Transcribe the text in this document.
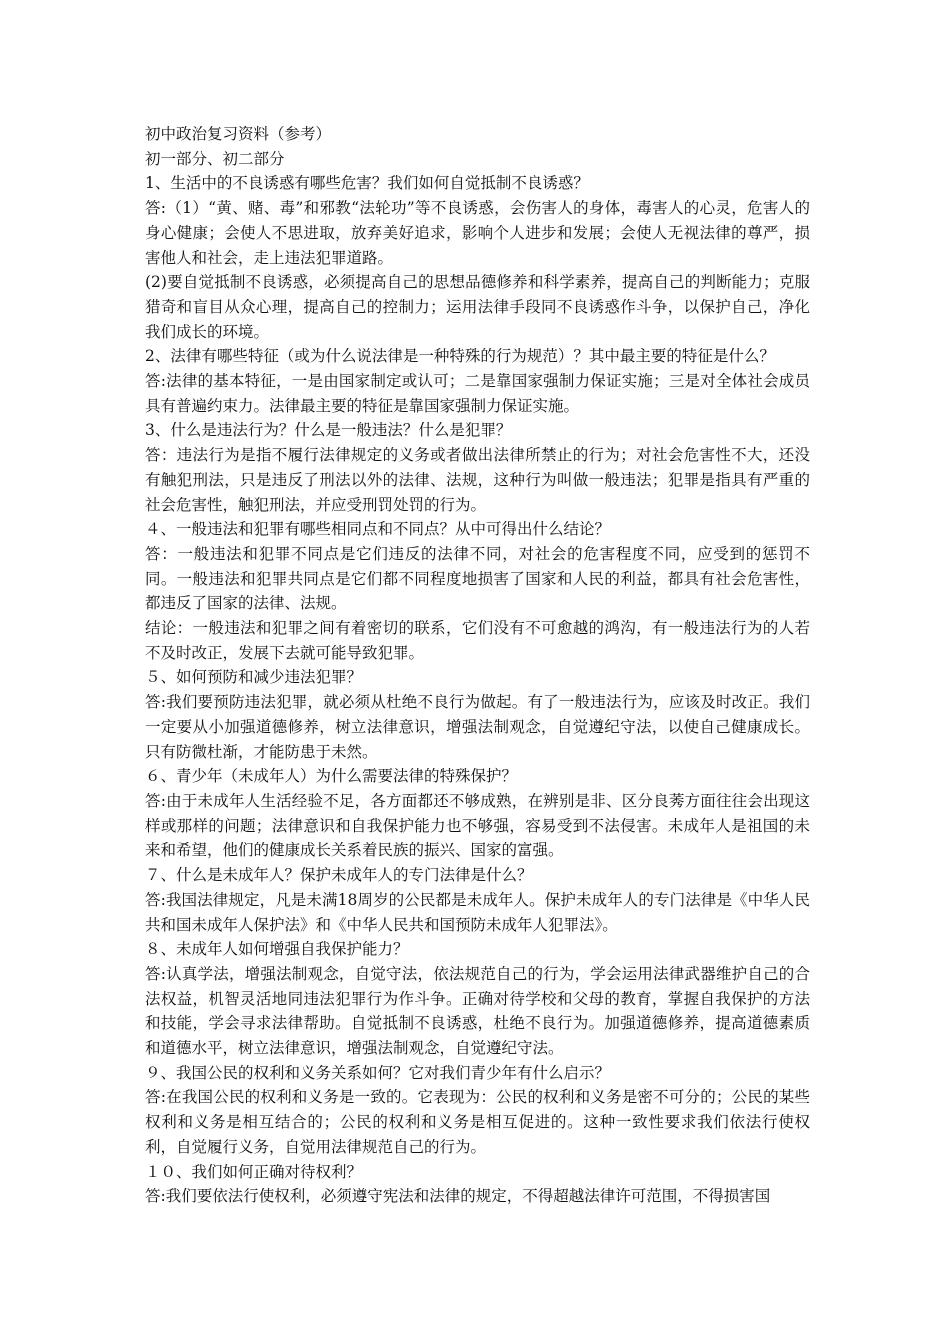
初中政治复习资料（参考）

初一部分、初二部分

1、生活中的不良诱惑有哪些危害？我们如何自觉抵制不良诱惑？

答:（1）“黄、赌、毒”和邪教“法轮功”等不良诱惑，会伤害人的身体，毒害人的心灵，危害人的身心健康；会使人不思进取，放弃美好追求，影响个人进步和发展；会使人无视法律的尊严，损害他人和社会，走上违法犯罪道路。

(2)要自觉抵制不良诱惑，必须提高自己的思想品德修养和科学素养，提高自己的判断能力；克服猎奇和盲目从众心理，提高自己的控制力；运用法律手段同不良诱惑作斗争，以保护自己，净化我们成长的环境。

2、法律有哪些特征（或为什么说法律是一种特殊的行为规范）？其中最主要的特征是什么？

答:法律的基本特征，一是由国家制定或认可；二是靠国家强制力保证实施；三是对全体社会成员具有普遍约束力。法律最主要的特征是靠国家强制力保证实施。

3、什么是违法行为？什么是一般违法？什么是犯罪？

答：违法行为是指不履行法律规定的义务或者做出法律所禁止的行为；对社会危害性不大，还没有触犯刑法，只是违反了刑法以外的法律、法规，这种行为叫做一般违法；犯罪是指具有严重的社会危害性，触犯刑法，并应受刑罚处罚的行为。

４、一般违法和犯罪有哪些相同点和不同点？从中可得出什么结论？

答：一般违法和犯罪不同点是它们违反的法律不同，对社会的危害程度不同，应受到的惩罚不同。一般违法和犯罪共同点是它们都不同程度地损害了国家和人民的利益，都具有社会危害性，都违反了国家的法律、法规。

结论：一般违法和犯罪之间有着密切的联系，它们没有不可愈越的鸿沟，有一般违法行为的人若不及时改正，发展下去就可能导致犯罪。

５、如何预防和减少违法犯罪？

答:我们要预防违法犯罪，就必须从杜绝不良行为做起。有了一般违法行为，应该及时改正。我们一定要从小加强道德修养，树立法律意识，增强法制观念，自觉遵纪守法，以使自己健康成长。只有防微杜渐，才能防患于未然。

６、青少年（未成年人）为什么需要法律的特殊保护？

答:由于未成年人生活经验不足，各方面都还不够成熟，在辨别是非、区分良莠方面往往会出现这样或那样的问题；法律意识和自我保护能力也不够强，容易受到不法侵害。未成年人是祖国的未来和希望，他们的健康成长关系着民族的振兴、国家的富强。

７、什么是未成年人？保护未成年人的专门法律是什么？

答:我国法律规定，凡是未满18周岁的公民都是未成年人。保护未成年人的专门法律是《中华人民共和国未成年人保护法》和《中华人民共和国预防未成年人犯罪法》。

８、未成年人如何增强自我保护能力？

答:认真学法，增强法制观念，自觉守法，依法规范自己的行为，学会运用法律武器维护自己的合法权益，机智灵活地同违法犯罪行为作斗争。正确对待学校和父母的教育，掌握自我保护的方法和技能，学会寻求法律帮助。自觉抵制不良诱惑，杜绝不良行为。加强道德修养，提高道德素质和道德水平，树立法律意识，增强法制观念，自觉遵纪守法。

９、我国公民的权利和义务关系如何？它对我们青少年有什么启示？

答:在我国公民的权利和义务是一致的。它表现为：公民的权利和义务是密不可分的；公民的某些权利和义务是相互结合的；公民的权利和义务是相互促进的。这种一致性要求我们依法行使权利，自觉履行义务，自觉用法律规范自己的行为。

１０、我们如何正确对待权利？

答:我们要依法行使权利，必须遵守宪法和法律的规定，不得超越法律许可范围，不得损害国
